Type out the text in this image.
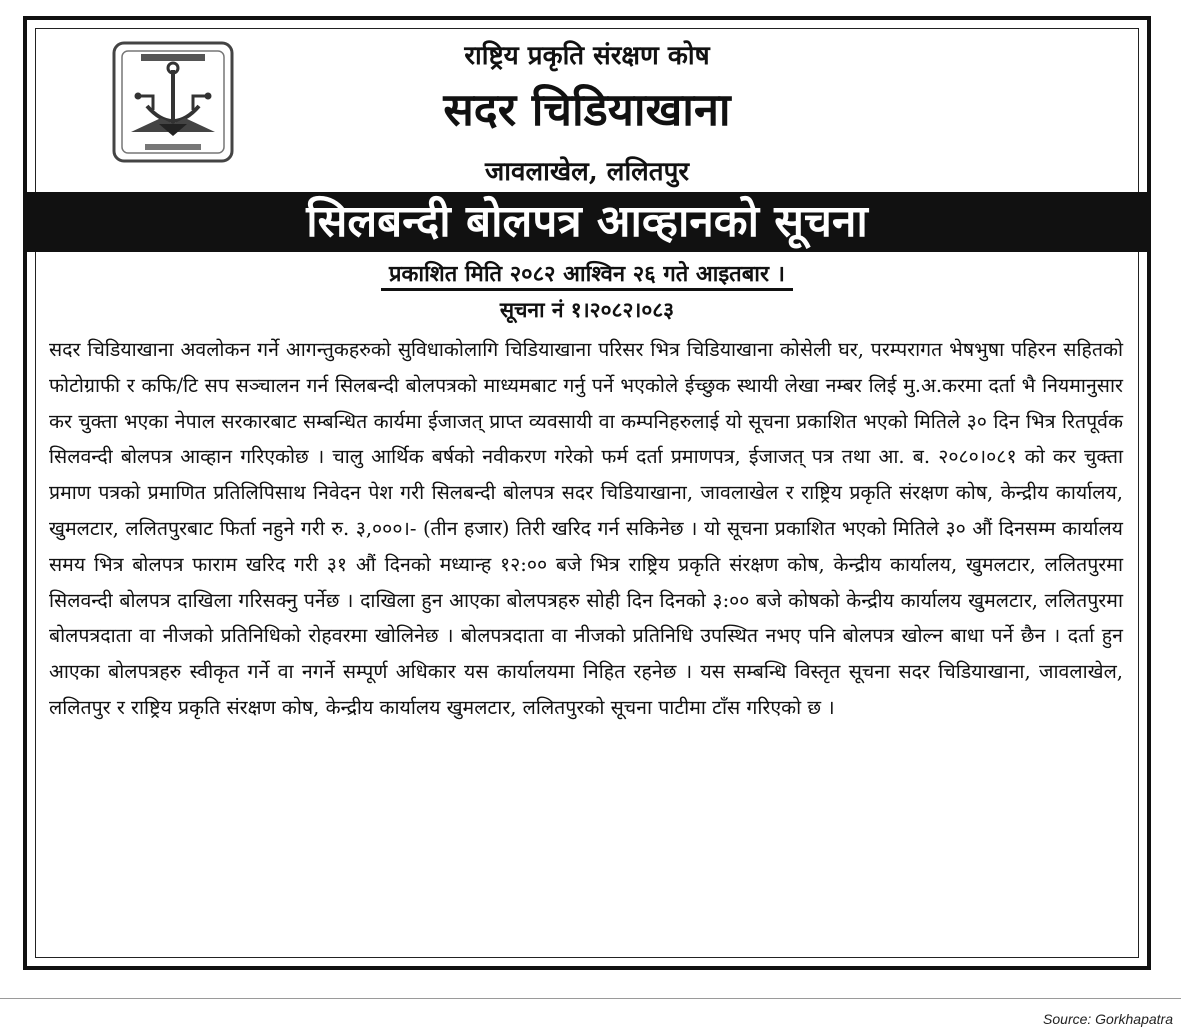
राष्ट्रिय प्रकृति संरक्षण कोष
सदर चिडियाखाना
जावलाखेल, ललितपुर
सिलबन्दी बोलपत्र आव्हानको सूचना
प्रकाशित मिति २०८२ आश्विन २६ गते आइतबार ।
सूचना नं १।२०८२।०८३
सदर चिडियाखाना अवलोकन गर्ने आगन्तुकहरुको सुविधाकोलागि चिडियाखाना परिसर भित्र चिडियाखाना कोसेली घर, परम्परागत भेषभुषा पहिरन सहितको फोटोग्राफी र कफि/टि सप सञ्चालन गर्न सिलबन्दी बोलपत्रको माध्यमबाट गर्नु पर्ने भएकोले ईच्छुक स्थायी लेखा नम्बर लिई मु.अ.करमा दर्ता भै नियमानुसार कर चुक्ता भएका नेपाल सरकारबाट सम्बन्धित कार्यमा ईजाजत् प्राप्त व्यवसायी वा कम्पनिहरुलाई यो सूचना प्रकाशित भएको मितिले ३० दिन भित्र रितपूर्वक सिलवन्दी बोलपत्र आव्हान गरिएकोछ । चालु आर्थिक बर्षको नवीकरण गरेको फर्म दर्ता प्रमाणपत्र, ईजाजत् पत्र तथा आ. ब. २०८०।०८१ को कर चुक्ता प्रमाण पत्रको प्रमाणित प्रतिलिपिसाथ निवेदन पेश गरी सिलबन्दी बोलपत्र सदर चिडियाखाना, जावलाखेल र राष्ट्रिय प्रकृति संरक्षण कोष, केन्द्रीय कार्यालय, खुमलटार, ललितपुरबाट फिर्ता नहुने गरी रु. ३,०००।- (तीन हजार) तिरी खरिद गर्न सकिनेछ । यो सूचना प्रकाशित भएको मितिले ३० औं दिनसम्म कार्यालय समय भित्र बोलपत्र फाराम खरिद गरी ३१ औं दिनको मध्यान्ह १२:०० बजे भित्र राष्ट्रिय प्रकृति संरक्षण कोष, केन्द्रीय कार्यालय, खुमलटार, ललितपुरमा सिलवन्दी बोलपत्र दाखिला गरिसक्नु पर्नेछ । दाखिला हुन आएका बोलपत्रहरु सोही दिन दिनको ३:०० बजे कोषको केन्द्रीय कार्यालय खुमलटार, ललितपुरमा बोलपत्रदाता वा नीजको प्रतिनिधिको रोहवरमा खोलिनेछ । बोलपत्रदाता वा नीजको प्रतिनिधि उपस्थित नभए पनि बोलपत्र खोल्न बाधा पर्ने छैन । दर्ता हुन आएका बोलपत्रहरु स्वीकृत गर्ने वा नगर्ने सम्पूर्ण अधिकार यस कार्यालयमा निहित रहनेछ । यस सम्बन्धि विस्तृत सूचना सदर चिडियाखाना, जावलाखेल, ललितपुर र राष्ट्रिय प्रकृति संरक्षण कोष, केन्द्रीय कार्यालय खुमलटार, ललितपुरको सूचना पाटीमा टाँस गरिएको छ ।
Source: Gorkhapatra
